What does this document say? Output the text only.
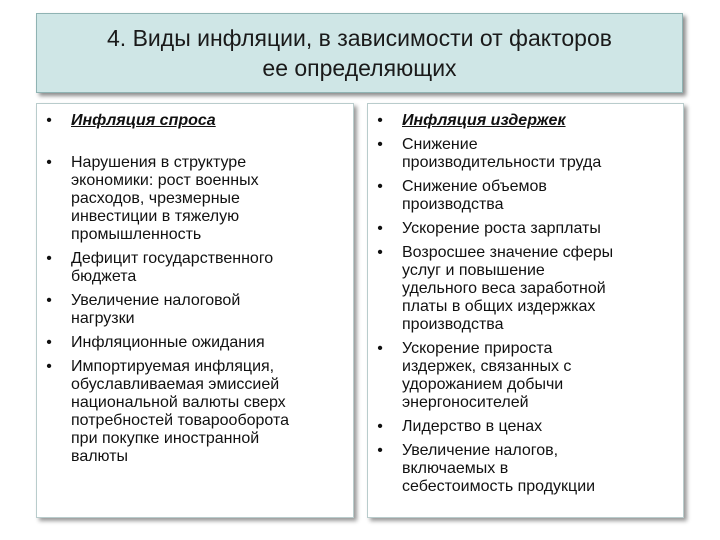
4. Виды инфляции, в зависимости от факторов
ее определяющих
• Инфляция спроса
• Нарушения в структуре
экономики: рост военных
расходов, чрезмерные
инвестиции в тяжелую
промышленность
• Дефицит государственного
бюджета
• Увеличение налоговой
нагрузки
• Инфляционные ожидания
• Импортируемая инфляция,
обуславливаемая эмиссией
национальной валюты сверх
потребностей товарооборота
при покупке иностранной
валюты
• Инфляция издержек
• Снижение
производительности труда
• Снижение объемов
производства
• Ускорение роста зарплаты
• Возросшее значение сферы
услуг и повышение
удельного веса заработной
платы в общих издержках
производства
• Ускорение прироста
издержек, связанных с
удорожанием добычи
энергоносителей
• Лидерство в ценах
• Увеличение налогов,
включаемых в
себестоимость продукции
